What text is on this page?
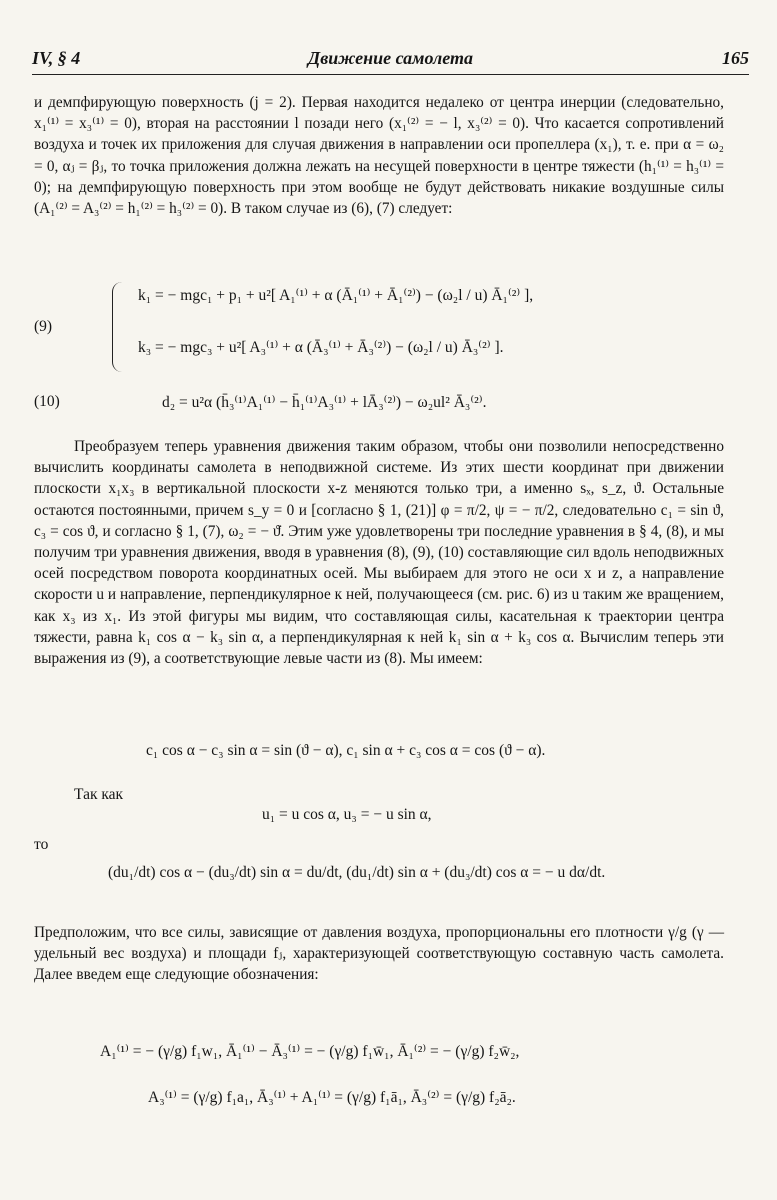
IV, § 4	Движение самолета	165
и демпфирующую поверхность (j = 2). Первая находится недалеко от центра инерции (следовательно, x₁⁽¹⁾ = x₃⁽¹⁾ = 0), вторая на расстоянии l позади него (x₁⁽²⁾ = − l, x₃⁽²⁾ = 0). Что касается сопротивлений воздуха и точек их приложения для случая движения в направлении оси пропеллера (x₁), т. е. при α = ω₂ = 0, αⱼ = βⱼ, то точка приложения должна лежать на несущей поверхности в центре тяжести (h₁⁽¹⁾ = h₃⁽¹⁾ = 0); на демпфирующую поверхность при этом вообще не будут действовать никакие воздушные силы (A₁⁽²⁾ = A₃⁽²⁾ = h₁⁽²⁾ = h₃⁽²⁾ = 0). В таком случае из (6), (7) следует:
(9)
k₁ = − mgc₁ + p₁ + u²[ A₁⁽¹⁾ + α (Ā₁⁽¹⁾ + Ā₁⁽²⁾) − (ω₂l / u) Ā₁⁽²⁾ ],
k₃ = − mgc₃ + u²[ A₃⁽¹⁾ + α (Ā₃⁽¹⁾ + Ā₃⁽²⁾) − (ω₂l / u) Ā₃⁽²⁾ ].
(10)	d₂ = u²α (h̄₃⁽¹⁾A₁⁽¹⁾ − h̄₁⁽¹⁾A₃⁽¹⁾ + lĀ₃⁽²⁾) − ω₂ul² Ā₃⁽²⁾.
Преобразуем теперь уравнения движения таким образом, чтобы они позволили непосредственно вычислить координаты самолета в неподвижной системе. Из этих шести координат при движении плоскости x₁x₃ в вертикальной плоскости x-z меняются только три, а именно sₓ, s_z, ϑ. Остальные остаются постоянными, причем s_y = 0 и [согласно § 1, (21)] φ = π/2, ψ = − π/2, следовательно c₁ = sin ϑ, c₃ = cos ϑ, и согласно § 1, (7), ω₂ = − ϑ̇. Этим уже удовлетворены три последние уравнения в § 4, (8), и мы получим три уравнения движения, вводя в уравнения (8), (9), (10) составляющие сил вдоль неподвижных осей посредством поворота координатных осей. Мы выбираем для этого не оси x и z, а направление скорости u и направление, перпендикулярное к ней, получающееся (см. рис. 6) из u таким же вращением, как x₃ из x₁. Из этой фигуры мы видим, что составляющая силы, касательная к траектории центра тяжести, равна k₁ cos α − k₃ sin α, а перпендикулярная к ней k₁ sin α + k₃ cos α. Вычислим теперь эти выражения из (9), а соответствующие левые части из (8). Мы имеем:
c₁ cos α − c₃ sin α = sin (ϑ − α), c₁ sin α + c₃ cos α = cos (ϑ − α).
Так как
u₁ = u cos α, u₃ = − u sin α,
то
(du₁/dt) cos α − (du₃/dt) sin α = du/dt, (du₁/dt) sin α + (du₃/dt) cos α = − u dα/dt.
Предположим, что все силы, зависящие от давления воздуха, пропорциональны его плотности γ/g (γ — удельный вес воздуха) и площади fⱼ, характеризующей соответствующую составную часть самолета. Далее введем еще следующие обозначения:
A₁⁽¹⁾ = − (γ/g) f₁w₁, Ā₁⁽¹⁾ − Ā₃⁽¹⁾ = − (γ/g) f₁w̄₁, Ā₁⁽²⁾ = − (γ/g) f₂w̄₂,
A₃⁽¹⁾ = (γ/g) f₁a₁, Ā₃⁽¹⁾ + A₁⁽¹⁾ = (γ/g) f₁ā₁, Ā₃⁽²⁾ = (γ/g) f₂ā₂.
